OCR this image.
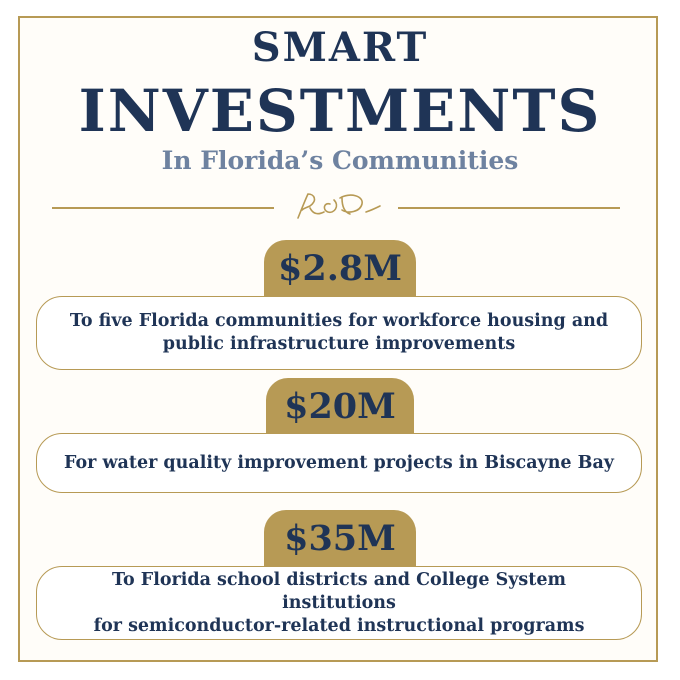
SMART
INVESTMENTS
In Florida’s Communities
$2.8M
To five Florida communities for workforce housing and
public infrastructure improvements
$20M
For water quality improvement projects in Biscayne Bay
$35M
To Florida school districts and College System institutions
for semiconductor-related instructional programs
